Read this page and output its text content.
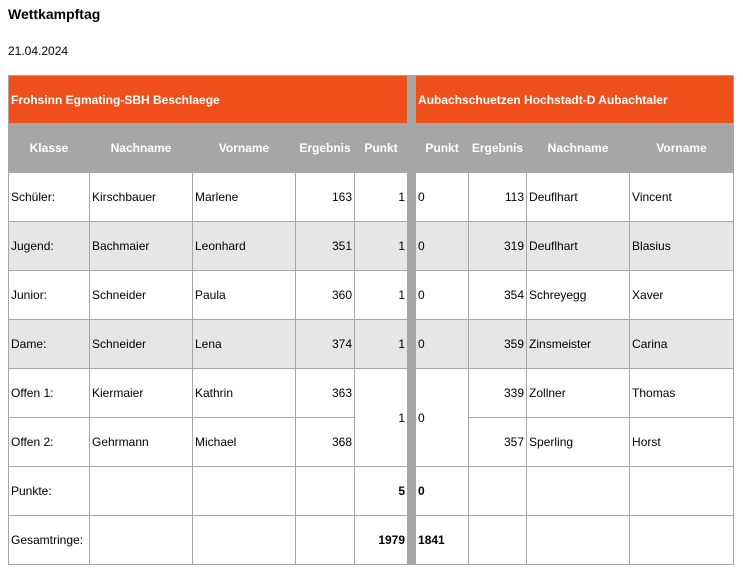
Wettkampftag
21.04.2024
Frohsinn Egmating-SBH Beschlaege						Aubachschuetzen Hochstadt-D Aubachtaler			
Klasse	Nachname	Vorname	Ergebnis	Punkt		Punkt	Ergebnis	Nachname	Vorname
Schüler:	Kirschbauer	Marlene	163	1		0	113	Deuflhart	Vincent
Jugend:	Bachmaier	Leonhard	351	1		0	319	Deuflhart	Blasius
Junior:	Schneider	Paula	360	1		0	354	Schreyegg	Xaver
Dame:	Schneider	Lena	374	1		0	359	Zinsmeister	Carina
Offen 1:	Kiermaier	Kathrin	363	1		0	339	Zollner	Thomas
Offen 2:	Gehrmann	Michael	368				357	Sperling	Horst
Punkte:				5		0			
Gesamtringe:				1979		1841			
